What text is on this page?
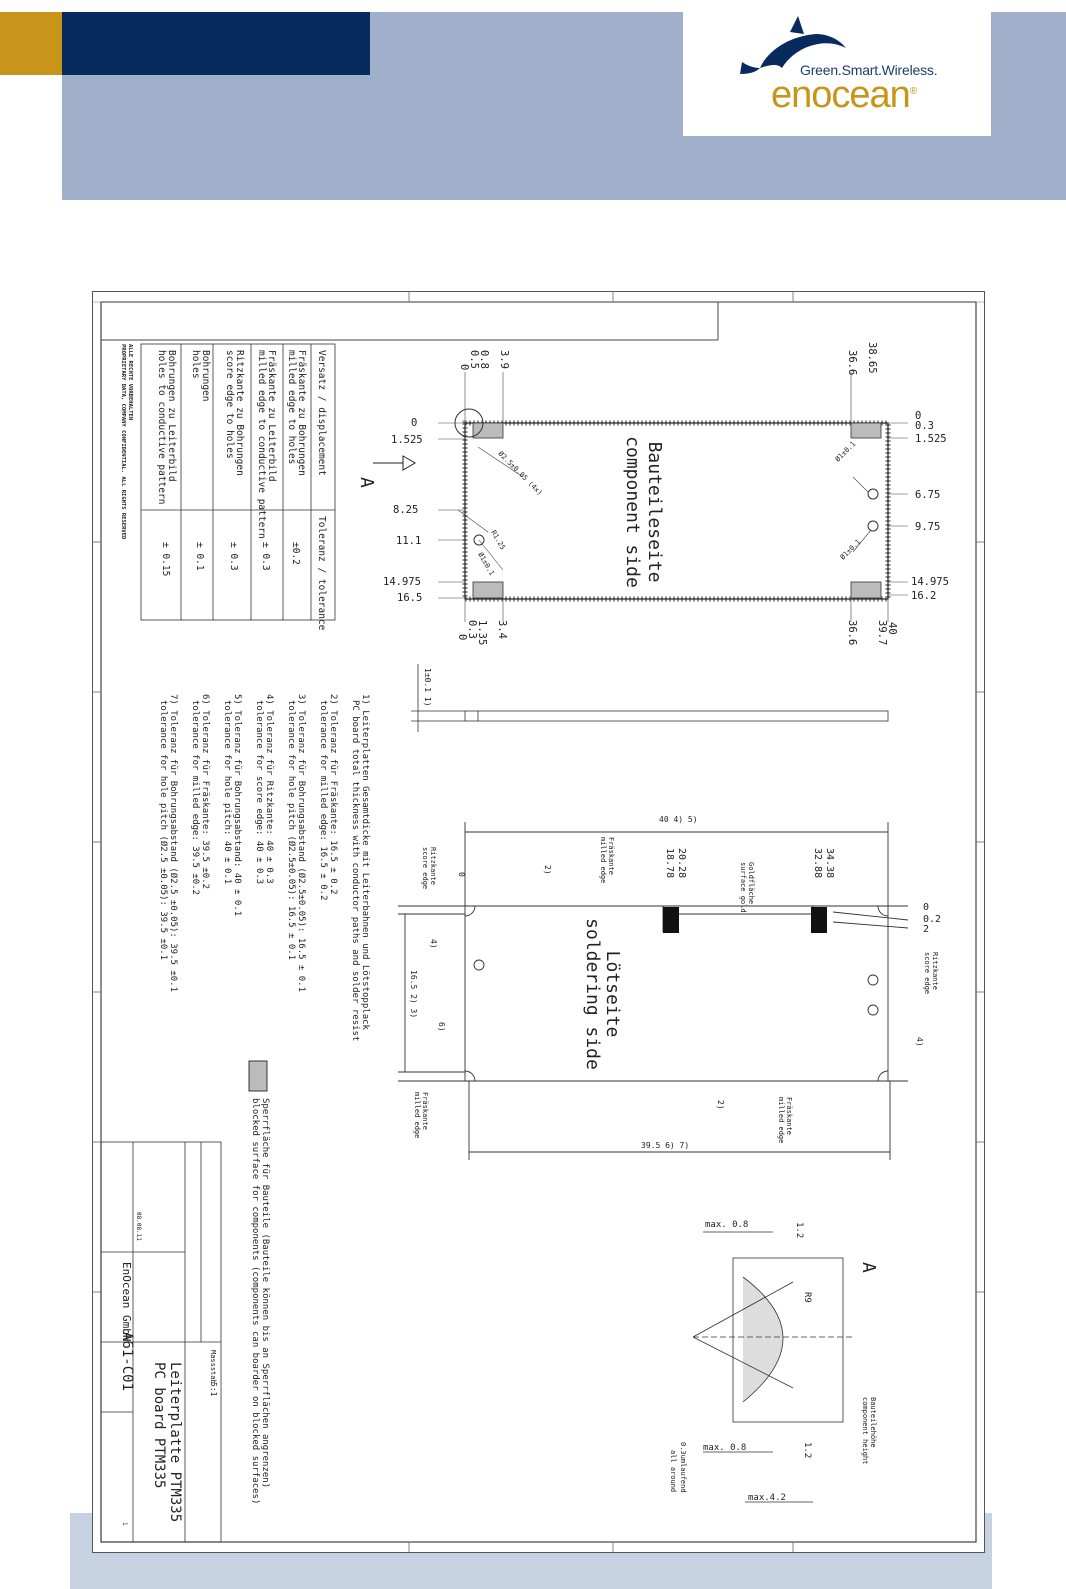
Green.Smart.Wireless.
enocean®
Bauteileseite
component side
A
0
1.525
8.25
11.1
14.975
16.5
0
0.3
1.525
6.75
9.75
14.975
16.2
3.9
0.8
0.5
0	38.65
36.6
3.4
1.35
0.3
0
40
39.7
36.6
Ø2.5±0.05 (4x)	Ø1±0.1
Ø1±0.1
R1.25
Ø1±0.1
Versatz / displacement
Toleranz / tolerance
Fräskante zu Bohrungen
milled edge to holes
±0.2
Fräskante zu Leiterbild
milled edge to conductive pattern
± 0.3
Ritzkante zu Bohrungen
score edge to holes
± 0.3
Bohrungen
holes
± 0.1
Bohrungen zu Leiterbild
holes to conductive pattern
± 0.15
ALLE RECHTE VORBEHALTEN
PROPRIETARY DATA, COMPANY CONFIDENTIAL. ALL RIGHTS RESERVED
1±0.1 1)
1) Leiterplatten Gesamtdicke mit Leiterbahnen und Lötstopplack
PC board total thickness with conductor paths and solder resist
2) Toleranz für Fräskante: 16.5 ± 0.2
tolerance for milled edge: 16.5 ± 0.2
3) Toleranz für Bohrungsabstand (Ø2.5±0.05): 16.5 ± 0.1
tolerance for hole pitch (Ø2.5±0.05): 16.5 ± 0.1
4) Toleranz für Ritzkante: 40 ± 0.3
tolerance for score edge: 40 ± 0.3
5) Toleranz für Bohrungsabstand: 40 ± 0.1
tolerance for hole pitch: 40 ± 0.1
6) Toleranz für Fräskante: 39.5 ±0.2
tolerance for milled edge: 39.5 ±0.2
7) Toleranz für Bohrungsabstand (Ø2.5 ±0.05): 39.5 ±0.1
tolerance for hole pitch (Ø2.5 ±0.05): 39.5 ±0.1
Lötseite
soldering side
40 4) 5)
39.5 6) 7)
16.5 2) 3)
Goldfläche
surface gold	34.38
32.88
20.28
18.78
0
0.2
2
Ritzkante
score edge
Ritzkante
score edge	Fräskante
milled edge
Fräskante
milled edge	Fräskante
milled edge
2)
4)
6)
0
2)
4)
Sperrfläche für Bauteile (Bauteile können bis an Sperrflächen angrenzen)
blocked surface for components (components can boarder on blocked surfaces)	A
max. 0.8	1.2
R9
max. 0.8	1.2
max.4.2
Bauteilehöhe
component height
0.3umlaufend
all around
Leiterplatte PTM335
PC board PTM335
EnOcean GmbH
A61-C01	Massstab
5:1
08.08.11
1
